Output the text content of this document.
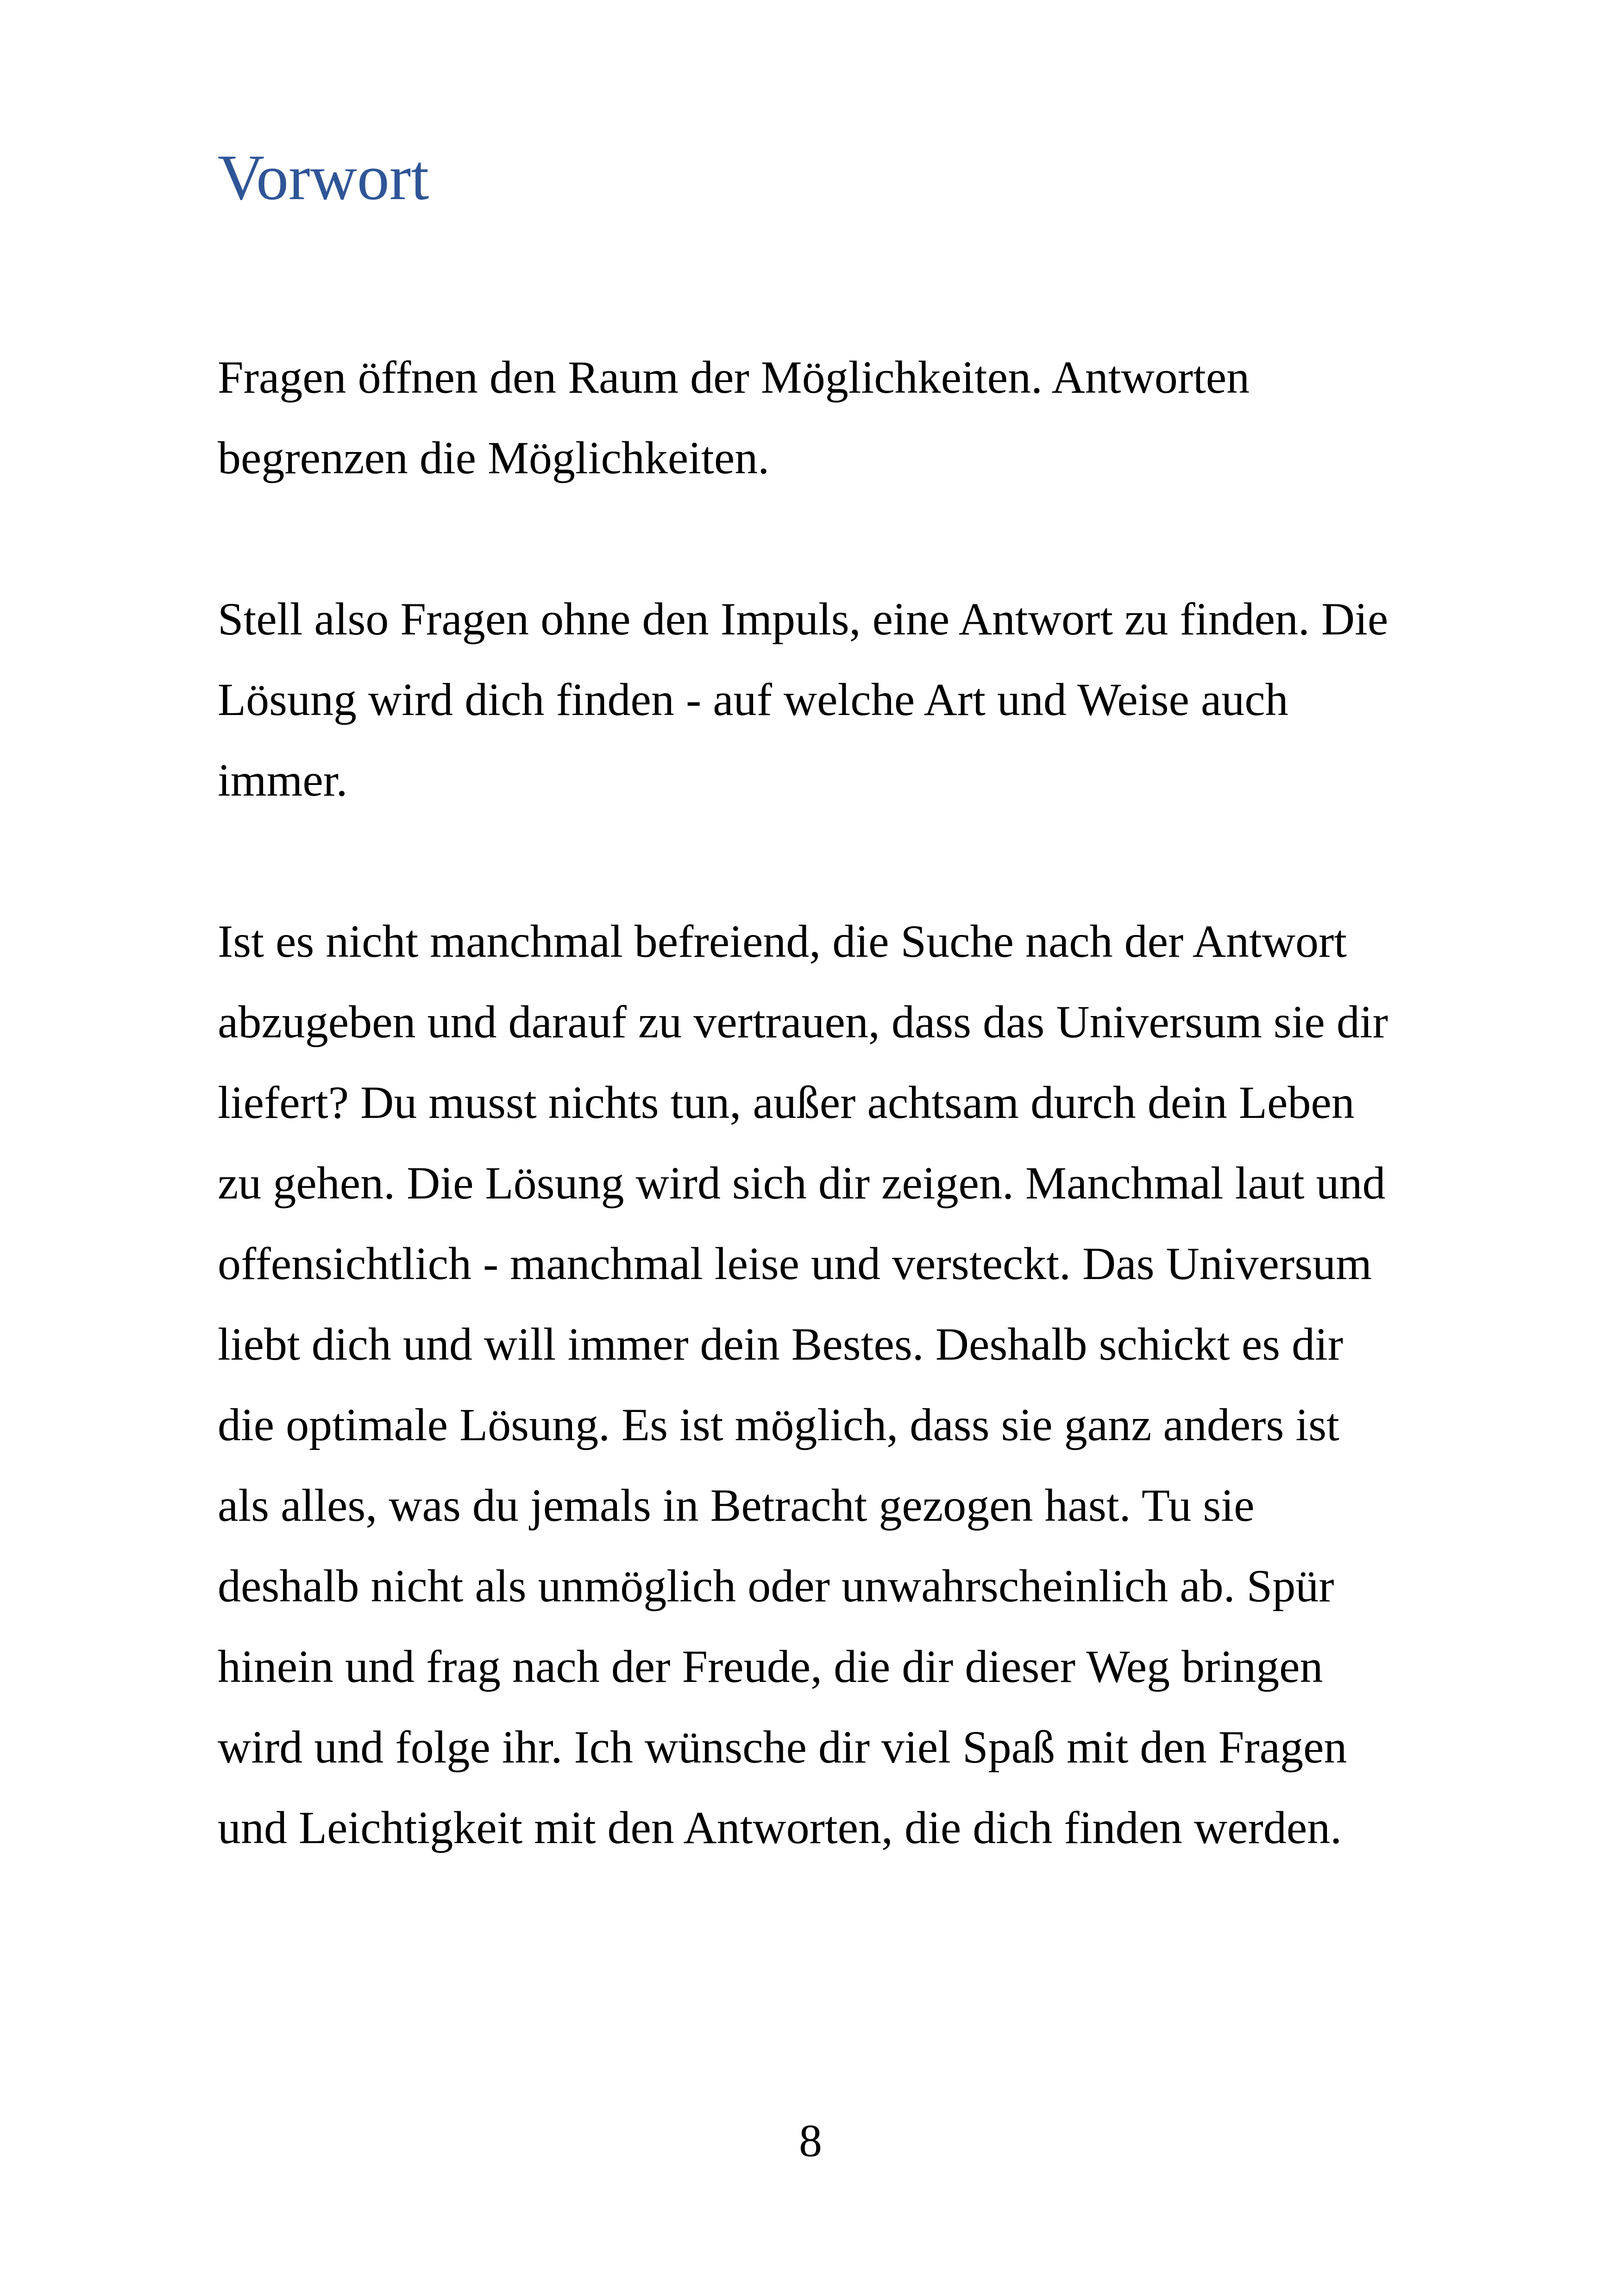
Vorwort

Fragen öffnen den Raum der Möglichkeiten. Antworten
begrenzen die Möglichkeiten.

Stell also Fragen ohne den Impuls, eine Antwort zu finden. Die
Lösung wird dich finden - auf welche Art und Weise auch
immer.

Ist es nicht manchmal befreiend, die Suche nach der Antwort
abzugeben und darauf zu vertrauen, dass das Universum sie dir
liefert? Du musst nichts tun, außer achtsam durch dein Leben
zu gehen. Die Lösung wird sich dir zeigen. Manchmal laut und
offensichtlich - manchmal leise und versteckt. Das Universum
liebt dich und will immer dein Bestes. Deshalb schickt es dir
die optimale Lösung. Es ist möglich, dass sie ganz anders ist
als alles, was du jemals in Betracht gezogen hast. Tu sie
deshalb nicht als unmöglich oder unwahrscheinlich ab. Spür
hinein und frag nach der Freude, die dir dieser Weg bringen
wird und folge ihr. Ich wünsche dir viel Spaß mit den Fragen
und Leichtigkeit mit den Antworten, die dich finden werden.

8
